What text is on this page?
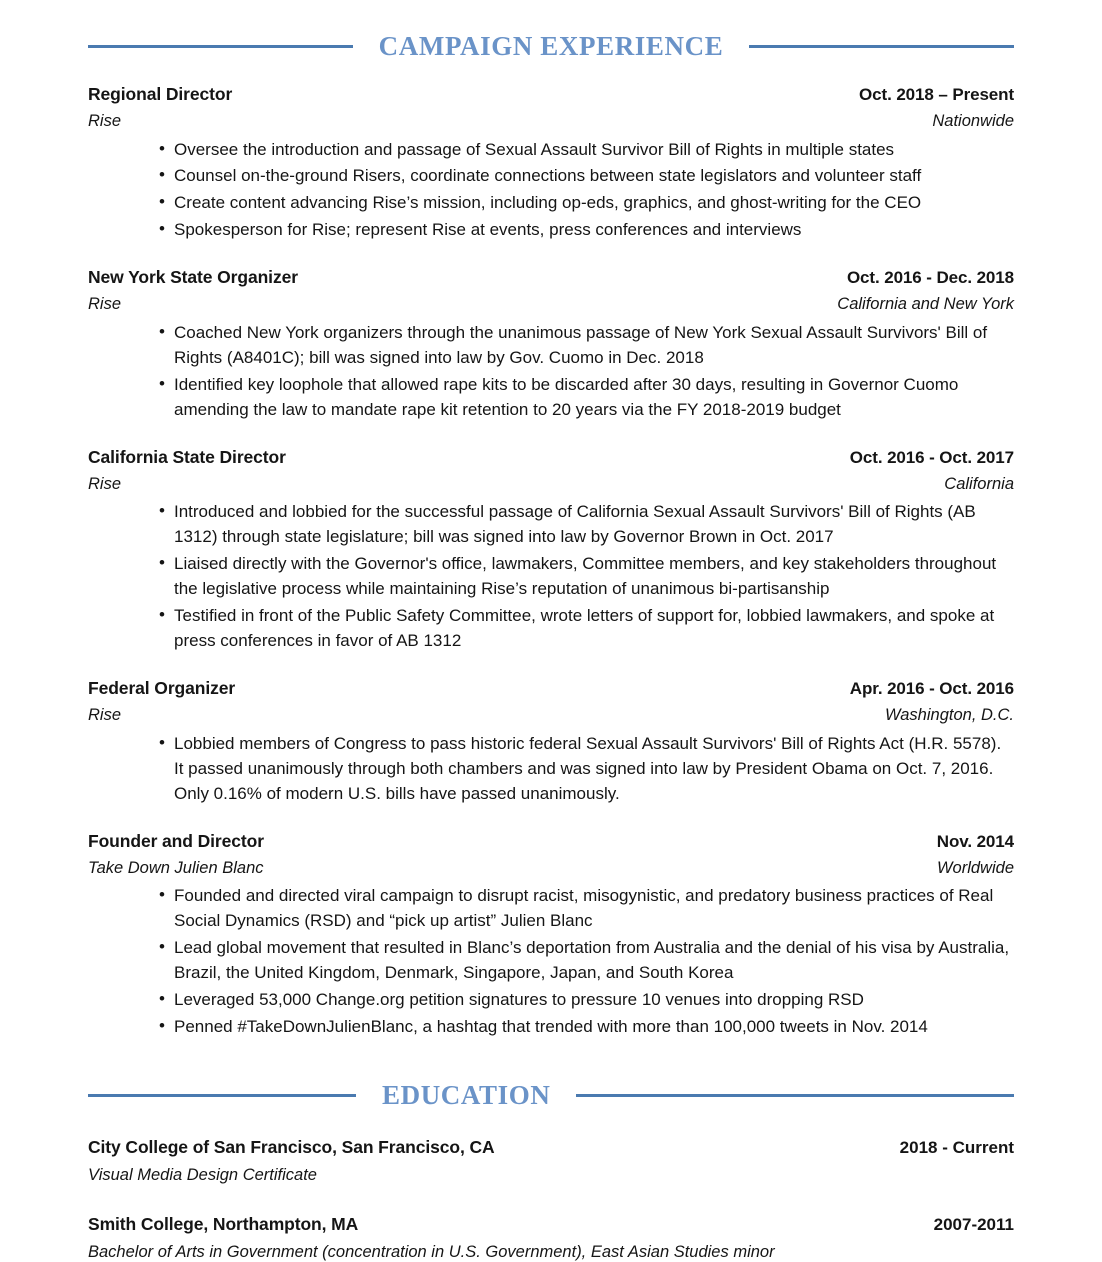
CAMPAIGN EXPERIENCE
Regional Director	Oct. 2018 – Present
Rise	Nationwide
• Oversee the introduction and passage of Sexual Assault Survivor Bill of Rights in multiple states
• Counsel on-the-ground Risers, coordinate connections between state legislators and volunteer staff
• Create content advancing Rise’s mission, including op-eds, graphics, and ghost-writing for the CEO
• Spokesperson for Rise; represent Rise at events, press conferences and interviews
New York State Organizer	Oct. 2016 - Dec. 2018
Rise	California and New York
• Coached New York organizers through the unanimous passage of New York Sexual Assault Survivors' Bill of Rights (A8401C); bill was signed into law by Gov. Cuomo in Dec. 2018
• Identified key loophole that allowed rape kits to be discarded after 30 days, resulting in Governor Cuomo amending the law to mandate rape kit retention to 20 years via the FY 2018-2019 budget
California State Director	Oct. 2016 - Oct. 2017
Rise	California
• Introduced and lobbied for the successful passage of California Sexual Assault Survivors' Bill of Rights (AB 1312) through state legislature; bill was signed into law by Governor Brown in Oct. 2017
• Liaised directly with the Governor's office, lawmakers, Committee members, and key stakeholders throughout the legislative process while maintaining Rise’s reputation of unanimous bi-partisanship
• Testified in front of the Public Safety Committee, wrote letters of support for, lobbied lawmakers, and spoke at press conferences in favor of AB 1312
Federal Organizer	Apr. 2016 - Oct. 2016
Rise	Washington, D.C.
• Lobbied members of Congress to pass historic federal Sexual Assault Survivors' Bill of Rights Act (H.R. 5578). It passed unanimously through both chambers and was signed into law by President Obama on Oct. 7, 2016. Only 0.16% of modern U.S. bills have passed unanimously.
Founder and Director	Nov. 2014
Take Down Julien Blanc	Worldwide
• Founded and directed viral campaign to disrupt racist, misogynistic, and predatory business practices of Real Social Dynamics (RSD) and “pick up artist” Julien Blanc
• Lead global movement that resulted in Blanc’s deportation from Australia and the denial of his visa by Australia, Brazil, the United Kingdom, Denmark, Singapore, Japan, and South Korea
• Leveraged 53,000 Change.org petition signatures to pressure 10 venues into dropping RSD
• Penned #TakeDownJulienBlanc, a hashtag that trended with more than 100,000 tweets in Nov. 2014
EDUCATION
City College of San Francisco, San Francisco, CA	2018 - Current
Visual Media Design Certificate
Smith College, Northampton, MA	2007-2011
Bachelor of Arts in Government (concentration in U.S. Government), East Asian Studies minor
